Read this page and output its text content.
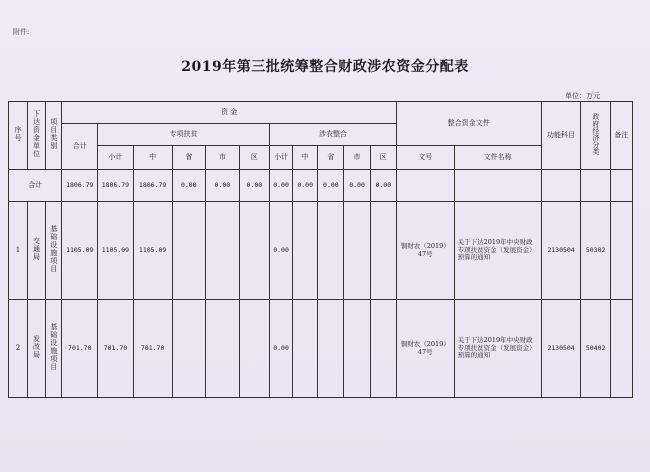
附件:
2019年第三批统筹整合财政涉农资金分配表
单位：万元
序号	下达资金单位	项目类别	资 金											整合资金文件		功能科目	政府经济分类	备注
			合计	专项扶贫					涉农整合									
				小计	中	省	市	区	小计	中	省	市	区	文号	文件名称			
合计			1806.79	1806.79	1806.79	0.00	0.00	0.00	0.00	0.00	0.00	0.00	0.00					
1	交通局	基础设施项目	1105.09	1105.09	1105.09				0.00					铜财农（2019）47号	关于下达2019年中央财政专项扶贫资金（发展资金）预算的通知	2130504	50302	
2	发改局	基础设施项目	701.70	701.70	701.70				0.00					铜财农（2019）47号	关于下达2019年中央财政专项扶贫资金（发展资金）预算的通知	2130504	50402	
